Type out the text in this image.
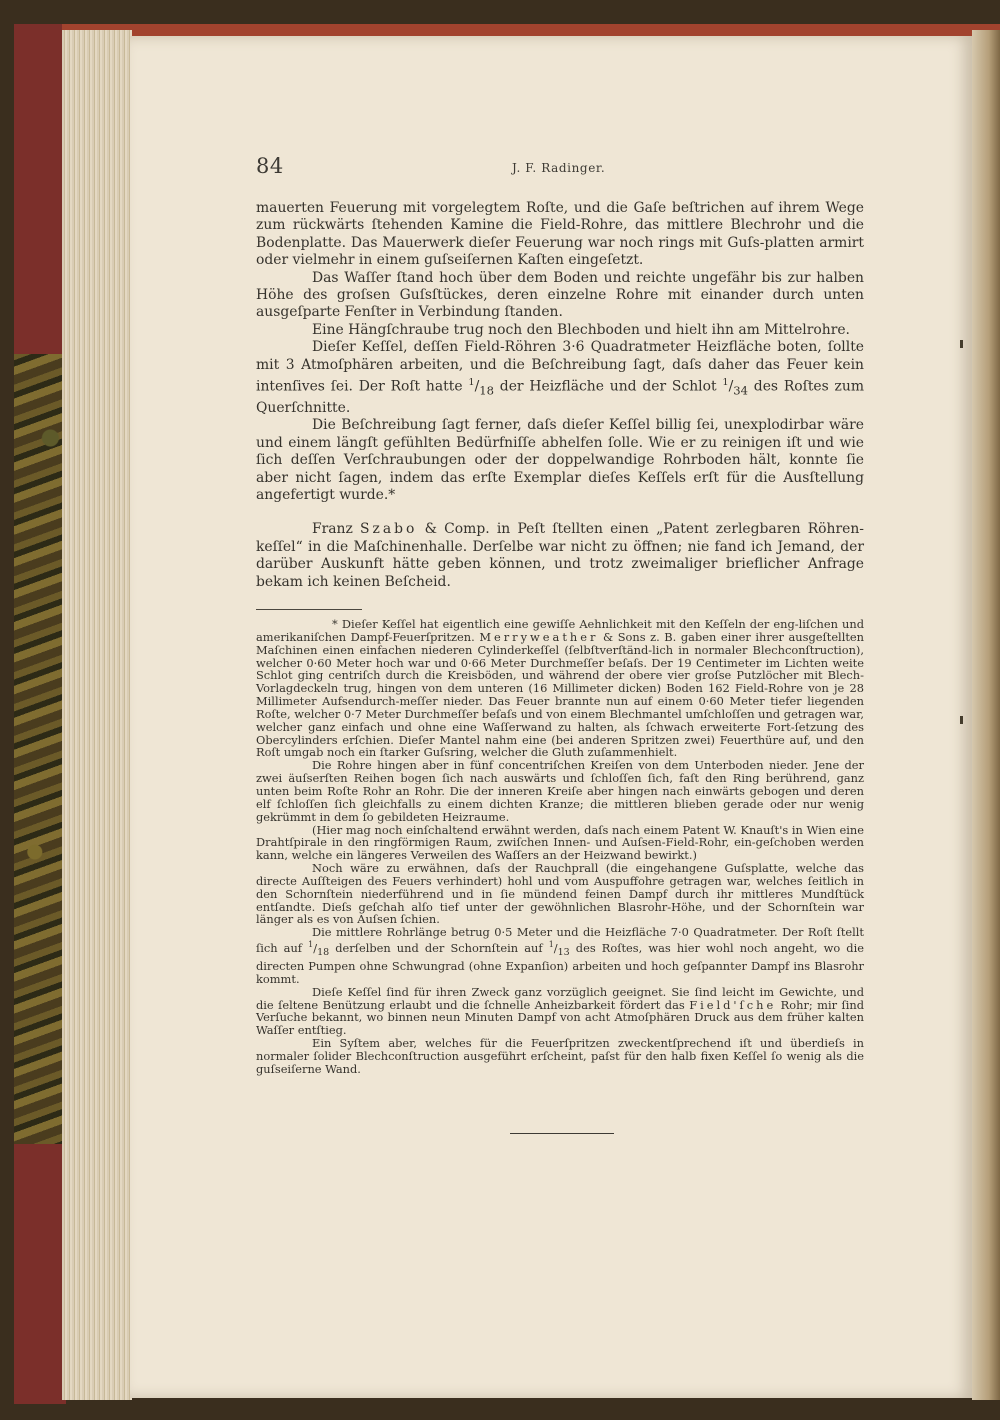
84	J. F. Radinger.

mauerten Feuerung mit vorgelegtem Roſte, und die Gaſe beſtrichen auf ihrem Wege zum rückwärts ſtehenden Kamine die Field-Rohre, das mittlere Blechrohr und die Bodenplatte. Das Mauerwerk dieſer Feuerung war noch rings mit Guſs-platten armirt oder vielmehr in einem guſseiſernen Kaſten eingeſetzt.

Das Waſſer ſtand hoch über dem Boden und reichte ungefähr bis zur halben Höhe des groſsen Guſsſtückes, deren einzelne Rohre mit einander durch unten ausgeſparte Fenſter in Verbindung ſtanden.

Eine Hängſchraube trug noch den Blechboden und hielt ihn am Mittelrohre.

Dieſer Keſſel, deſſen Field-Röhren 3·6 Quadratmeter Heizfläche boten, ſollte mit 3 Atmoſphären arbeiten, und die Beſchreibung ſagt, daſs daher das Feuer kein intenſives ſei. Der Roſt hatte $^1/_{18}$ der Heizfläche und der Schlot $^1/_{34}$ des Roſtes zum Querſchnitte.

Die Beſchreibung ſagt ferner, daſs dieſer Keſſel billig ſei, unexplodirbar wäre und einem längſt gefühlten Bedürfniſſe abhelfen ſolle. Wie er zu reinigen iſt und wie ſich deſſen Verſchraubungen oder der doppelwandige Rohrboden hält, konnte ſie aber nicht ſagen, indem das erſte Exemplar dieſes Keſſels erſt für die Ausſtellung angefertigt wurde.*

Franz Szabo & Comp. in Peſt ſtellten einen „Patent zerlegbaren Röhren-keſſel“ in die Maſchinenhalle. Derſelbe war nicht zu öffnen; nie fand ich Jemand, der darüber Auskunft hätte geben können, und trotz zweimaliger brieflicher Anfrage bekam ich keinen Beſcheid.

* Dieſer Keſſel hat eigentlich eine gewiſſe Aehnlichkeit mit den Keſſeln der eng-liſchen und amerikaniſchen Dampf-Feuerſpritzen. Merryweather & Sons z. B. gaben einer ihrer ausgeſtellten Maſchinen einen einfachen niederen Cylinderkeſſel (ſelbſtverſtänd-lich in normaler Blechconſtruction), welcher 0·60 Meter hoch war und 0·66 Meter Durchmeſſer beſaſs. Der 19 Centimeter im Lichten weite Schlot ging centriſch durch die Kreisböden, und während der obere vier groſse Putzlöcher mit Blech-Vorlagdeckeln trug, hingen von dem unteren (16 Millimeter dicken) Boden 162 Field-Rohre von je 28 Millimeter Aufsendurch-meſſer nieder. Das Feuer brannte nun auf einem 0·60 Meter tiefer liegenden Roſte, welcher 0·7 Meter Durchmeſſer beſaſs und von einem Blechmantel umſchloſſen und getragen war, welcher ganz einfach und ohne eine Waſſerwand zu halten, als ſchwach erweiterte Fort-ſetzung des Obercylinders erſchien. Dieſer Mantel nahm eine (bei anderen Spritzen zwei) Feuerthüre auf, und den Roſt umgab noch ein ſtarker Guſsring, welcher die Gluth zuſammenhielt.

Die Rohre hingen aber in fünf concentriſchen Kreiſen von dem Unterboden nieder. Jene der zwei äuſserſten Reihen bogen ſich nach auswärts und ſchloſſen ſich, faſt den Ring berührend, ganz unten beim Roſte Rohr an Rohr. Die der inneren Kreiſe aber hingen nach einwärts gebogen und deren elf ſchloſſen ſich gleichfalls zu einem dichten Kranze; die mittleren blieben gerade oder nur wenig gekrümmt in dem ſo gebildeten Heizraume.

(Hier mag noch einſchaltend erwähnt werden, daſs nach einem Patent W. Knauſt's in Wien eine Drahtſpirale in den ringförmigen Raum, zwiſchen Innen- und Auſsen-Field-Rohr, ein-geſchoben werden kann, welche ein längeres Verweilen des Waſſers an der Heizwand bewirkt.)

Noch wäre zu erwähnen, daſs der Rauchprall (die eingehangene Guſsplatte, welche das directe Auſſteigen des Feuers verhindert) hohl und vom Auspuffohre getragen war, welches ſeitlich in den Schornſtein niederführend und in ſie mündend feinen Dampf durch ihr mittleres Mundſtück entſandte. Dieſs geſchah alſo tief unter der gewöhnlichen Blasrohr-Höhe, und der Schornſtein war länger als es von Auſsen ſchien.

Die mittlere Rohrlänge betrug 0·5 Meter und die Heizfläche 7·0 Quadratmeter. Der Roſt ſtellt ſich auf $^1/_{18}$ derſelben und der Schornſtein auf $^1/_{13}$ des Roſtes, was hier wohl noch angeht, wo die directen Pumpen ohne Schwungrad (ohne Expanſion) arbeiten und hoch geſpannter Dampf ins Blasrohr kommt.

Dieſe Keſſel ſind für ihren Zweck ganz vorzüglich geeignet. Sie ſind leicht im Gewichte, und die ſeltene Benützung erlaubt und die ſchnelle Anheizbarkeit fördert das Field'ſche Rohr; mir ſind Verſuche bekannt, wo binnen neun Minuten Dampf von acht Atmoſphären Druck aus dem früher kalten Waſſer entſtieg.

Ein Syſtem aber, welches für die Feuerſpritzen zweckentſprechend iſt und überdieſs in normaler ſolider Blechconſtruction ausgeführt erſcheint, paſst für den halb fixen Keſſel ſo wenig als die guſseiſerne Wand.
